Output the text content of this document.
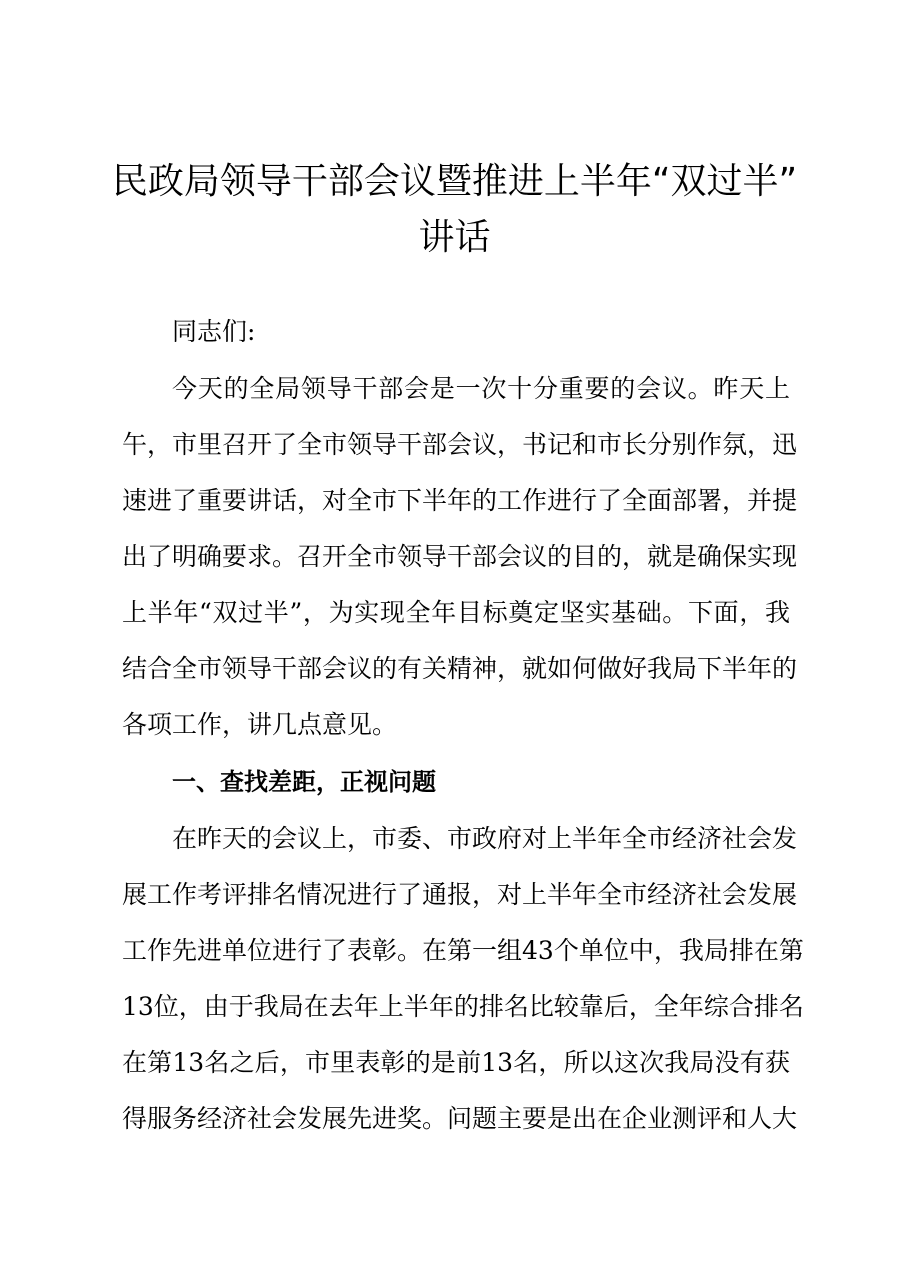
民政局领导干部会议暨推进上半年“双过半”
讲话
同志们:
今天的全局领导干部会是一次十分重要的会议。昨天上
午，市里召开了全市领导干部会议，书记和市长分别作氛，迅
速进了重要讲话，对全市下半年的工作进行了全面部署，并提
出了明确要求。召开全市领导干部会议的目的，就是确保实现
上半年“双过半”，为实现全年目标奠定坚实基础。下面，我
结合全市领导干部会议的有关精神，就如何做好我局下半年的
各项工作，讲几点意见。
一、查找差距，正视问题
在昨天的会议上，市委、市政府对上半年全市经济社会发
展工作考评排名情况进行了通报，对上半年全市经济社会发展
工作先进单位进行了表彰。在第一组43个单位中，我局排在第
13位，由于我局在去年上半年的排名比较靠后，全年综合排名
在第13名之后，市里表彰的是前13名，所以这次我局没有获
得服务经济社会发展先进奖。问题主要是出在企业测评和人大
